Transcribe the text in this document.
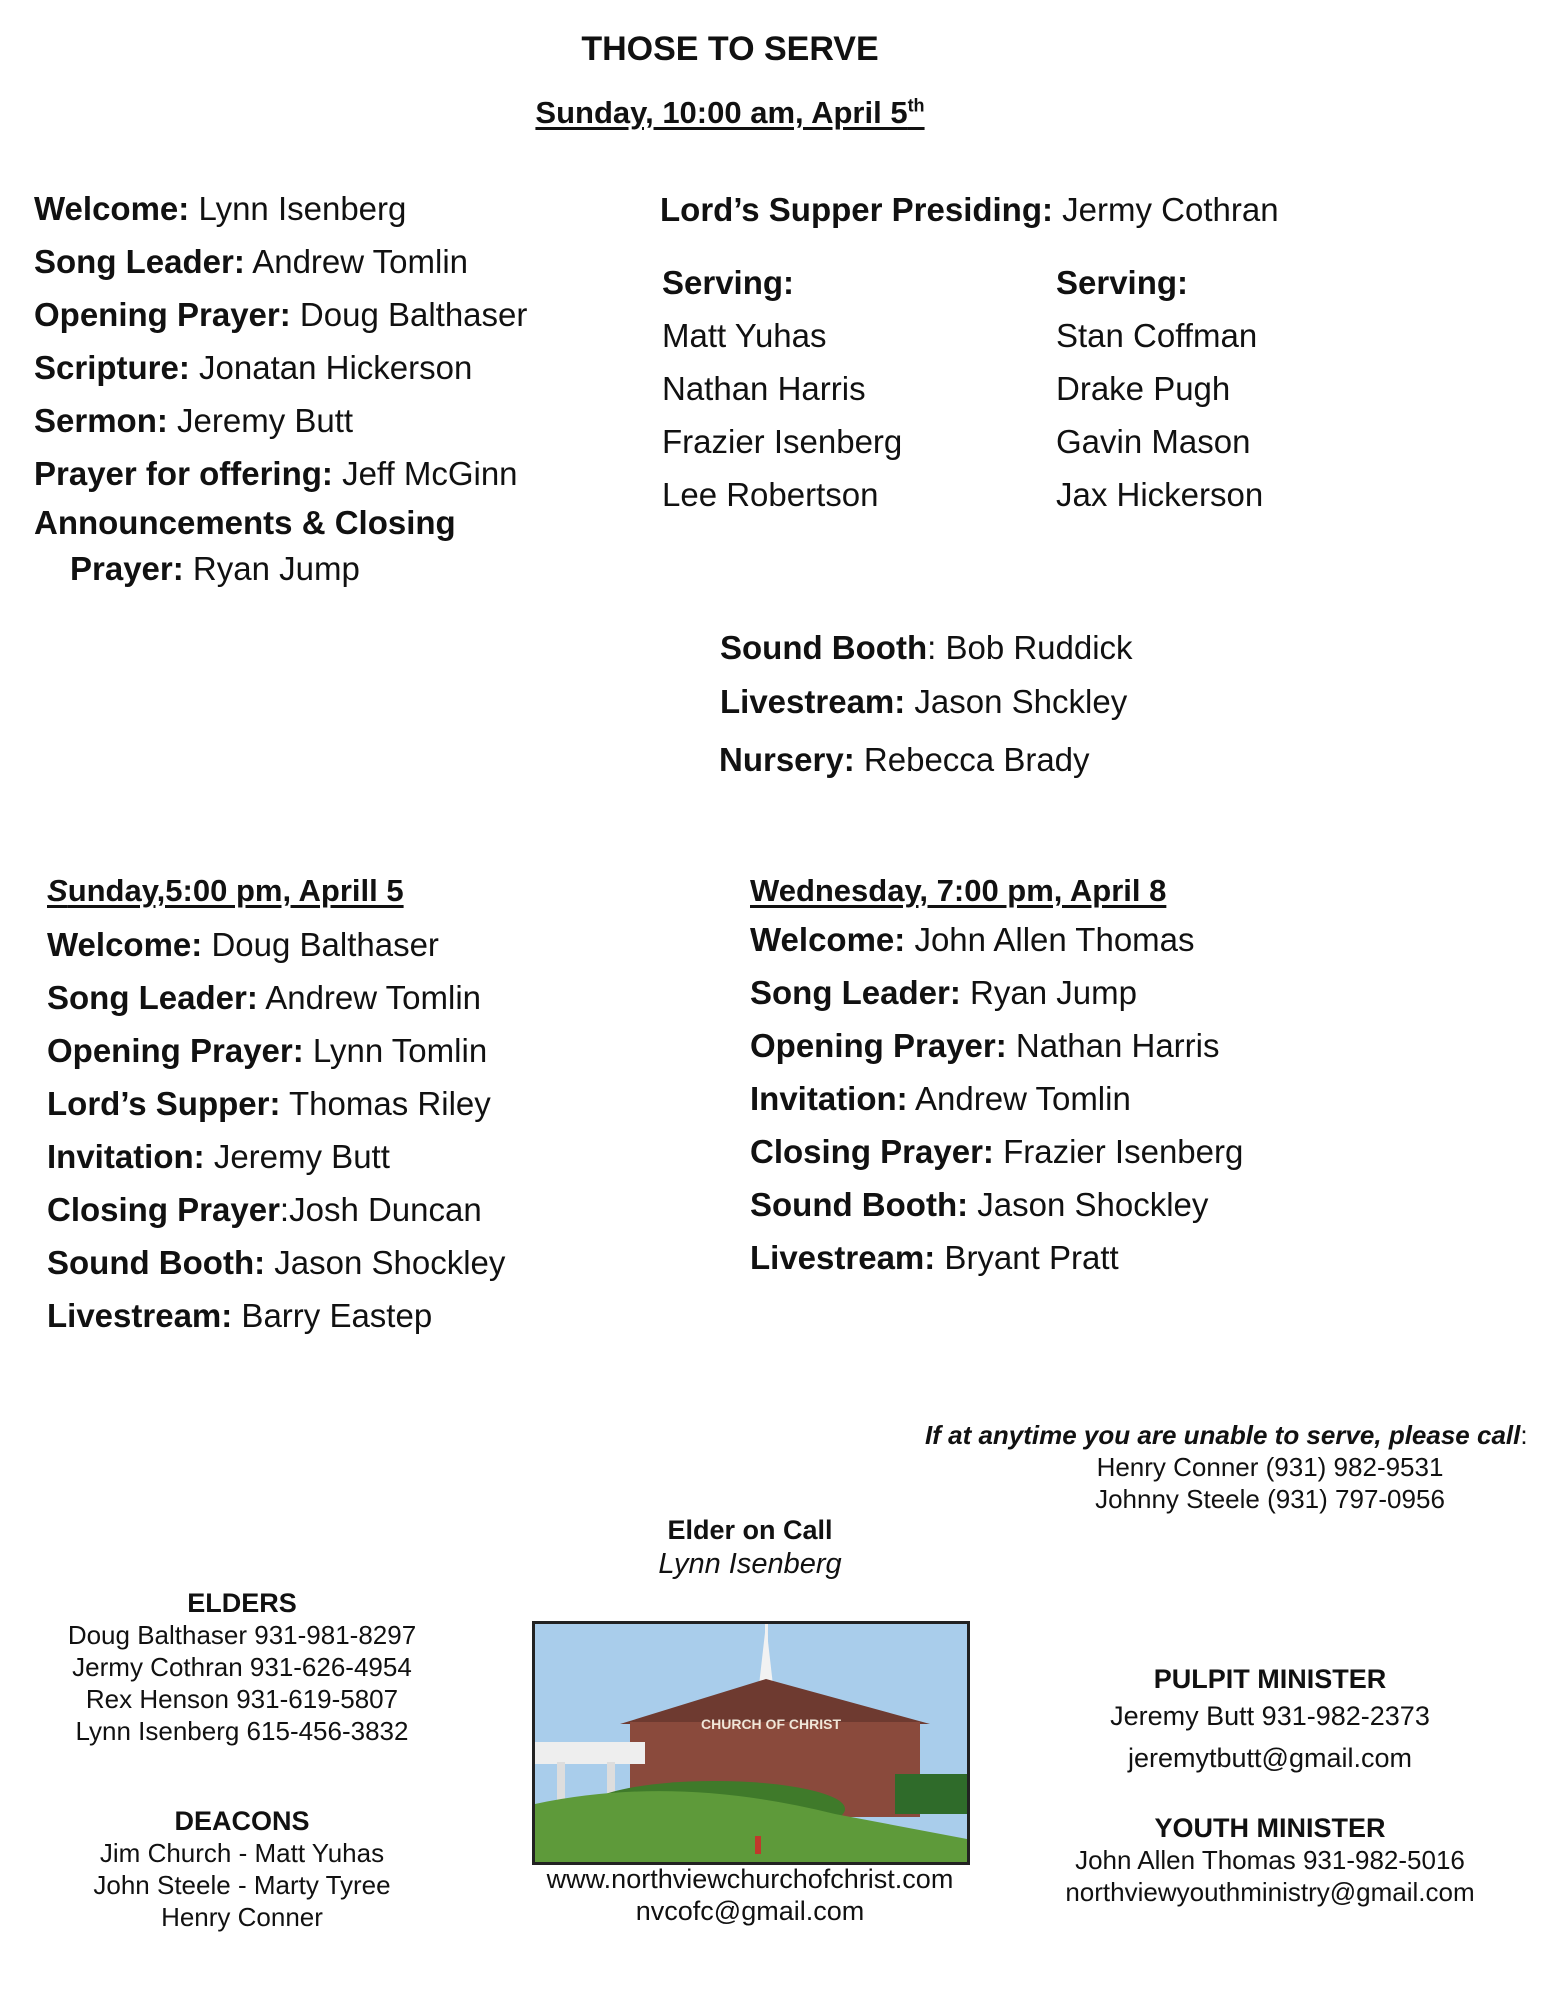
THOSE TO SERVE
Sunday, 10:00 am, April 5th
Welcome: Lynn Isenberg
Song Leader: Andrew Tomlin
Opening Prayer: Doug Balthaser
Scripture: Jonatan Hickerson
Sermon: Jeremy Butt
Prayer for offering: Jeff McGinn
Announcements & Closing
Prayer: Ryan Jump
Lord’s Supper Presiding: Jermy Cothran
Serving:
Matt Yuhas
Nathan Harris
Frazier Isenberg
Lee Robertson
Serving:
Stan Coffman
Drake Pugh
Gavin Mason
Jax Hickerson
Sound Booth: Bob Ruddick
Livestream: Jason Shckley
Nursery: Rebecca Brady
Sunday,5:00 pm, Aprill 5
Welcome: Doug Balthaser
Song Leader: Andrew Tomlin
Opening Prayer: Lynn Tomlin
Lord’s Supper: Thomas Riley
Invitation: Jeremy Butt
Closing Prayer:Josh Duncan
Sound Booth: Jason Shockley
Livestream: Barry Eastep
Wednesday, 7:00 pm, April 8
Welcome: John Allen Thomas
Song Leader: Ryan Jump
Opening Prayer: Nathan Harris
Invitation: Andrew Tomlin
Closing Prayer: Frazier Isenberg
Sound Booth: Jason Shockley
Livestream: Bryant Pratt
If at anytime you are unable to serve, please call:
Henry Conner (931) 982-9531
Johnny Steele (931) 797-0956
Elder on Call
Lynn Isenberg
ELDERS
Doug Balthaser 931-981-8297
Jermy Cothran 931-626-4954
Rex Henson 931-619-5807
Lynn Isenberg 615-456-3832
DEACONS
Jim Church - Matt Yuhas
John Steele - Marty Tyree
Henry Conner
CHURCH OF CHRIST
www.northviewchurchofchrist.com
nvcofc@gmail.com
PULPIT MINISTER
Jeremy Butt 931-982-2373
jeremytbutt@gmail.com
YOUTH MINISTER
John Allen Thomas 931-982-5016
northviewyouthministry@gmail.com
